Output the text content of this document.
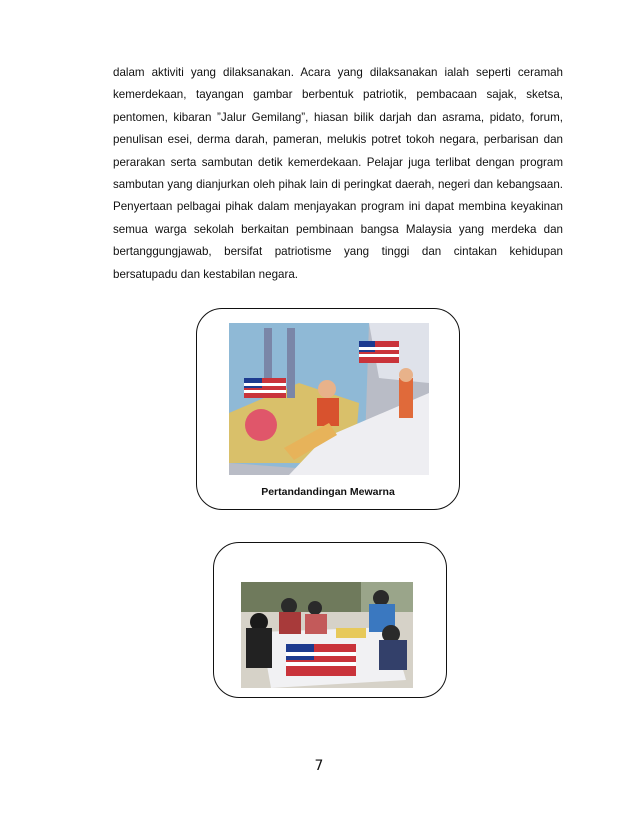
dalam aktiviti yang dilaksanakan. Acara yang dilaksanakan ialah seperti ceramah kemerdekaan, tayangan gambar berbentuk patriotik, pembacaan sajak, sketsa, pentomen, kibaran ”Jalur Gemilang”, hiasan bilik darjah dan asrama, pidato, forum, penulisan esei, derma darah, pameran, melukis potret tokoh negara, perbarisan dan perarakan serta sambutan detik kemerdekaan. Pelajar juga terlibat dengan program sambutan yang dianjurkan oleh pihak lain di peringkat daerah, negeri dan kebangsaan. Penyertaan pelbagai pihak dalam menjayakan program ini dapat membina keyakinan semua warga sekolah berkaitan pembinaan bangsa Malaysia yang merdeka dan bertanggungjawab, bersifat patriotisme yang tinggi dan cintakan kehidupan bersatupadu dan kestabilan negara.

Pertandandingan Mewarna
7
